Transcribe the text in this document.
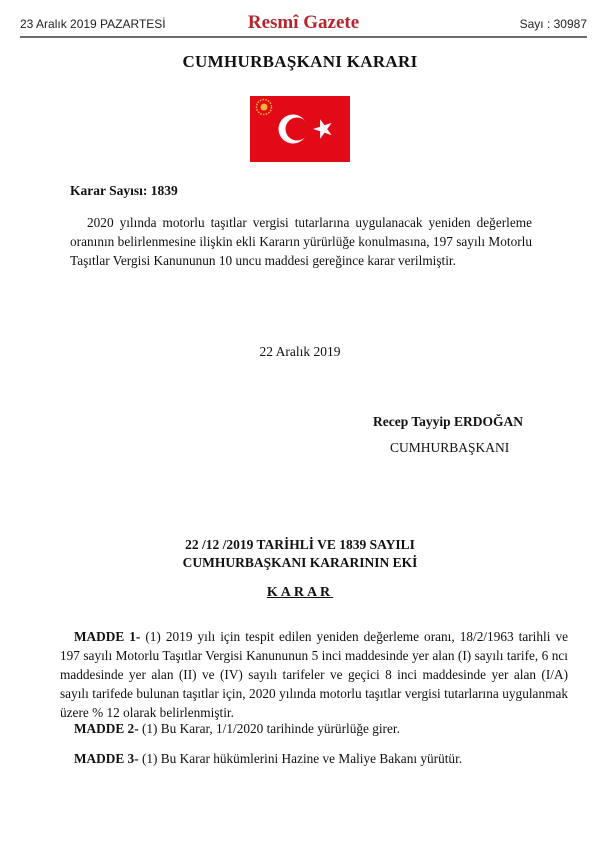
23 Aralık 2019 PAZARTESİ	Resmî Gazete	Sayı : 30987
CUMHURBAŞKANI KARARI
Karar Sayısı: 1839

2020 yılında motorlu taşıtlar vergisi tutarlarına uygulanacak yeniden değerleme oranının belirlenmesine ilişkin ekli Kararın yürürlüğe konulmasına, 197 sayılı Motorlu Taşıtlar Vergisi Kanununun 10 uncu maddesi gereğince karar verilmiştir.

22 Aralık 2019
Recep Tayyip ERDOĞAN
CUMHURBAŞKANI
22 /12 /2019 TARİHLİ VE 1839 SAYILI
CUMHURBAŞKANI KARARININ EKİ
KARAR

MADDE 1- (1) 2019 yılı için tespit edilen yeniden değerleme oranı, 18/2/1963 tarihli ve 197 sayılı Motorlu Taşıtlar Vergisi Kanununun 5 inci maddesinde yer alan (I) sayılı tarife, 6 ncı maddesinde yer alan (II) ve (IV) sayılı tarifeler ve geçici 8 inci maddesinde yer alan (I/A) sayılı tarifede bulunan taşıtlar için, 2020 yılında motorlu taşıtlar vergisi tutarlarına uygulanmak üzere % 12 olarak belirlenmiştir.

MADDE 2- (1) Bu Karar, 1/1/2020 tarihinde yürürlüğe girer.

MADDE 3- (1) Bu Karar hükümlerini Hazine ve Maliye Bakanı yürütür.
